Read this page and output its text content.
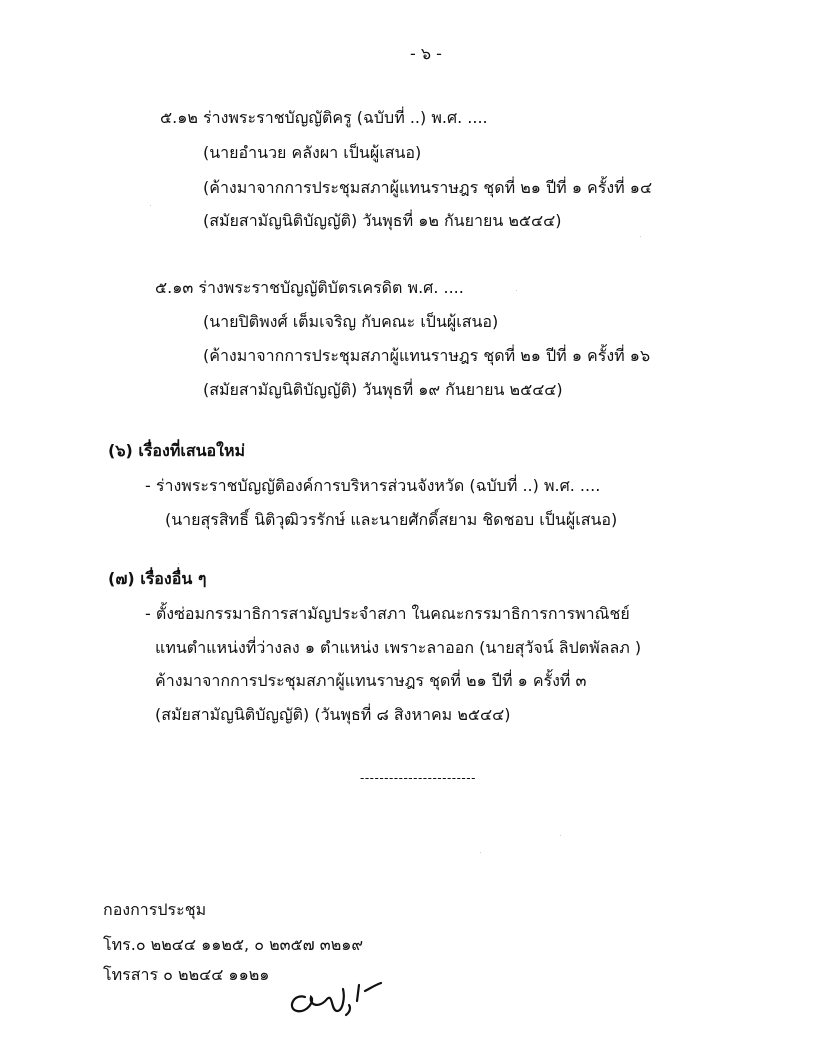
- ๖ -
๕.๑๒ ร่างพระราชบัญญัติครู (ฉบับที่ ..) พ.ศ. ....
(นายอำนวย คลังผา เป็นผู้เสนอ)
(ค้างมาจากการประชุมสภาผู้แทนราษฎร ชุดที่ ๒๑ ปีที่ ๑ ครั้งที่ ๑๔
(สมัยสามัญนิติบัญญัติ) วันพุธที่ ๑๒ กันยายน ๒๕๔๔)
๕.๑๓ ร่างพระราชบัญญัติบัตรเครดิต พ.ศ. ....
(นายปิติพงศ์ เต็มเจริญ กับคณะ เป็นผู้เสนอ)
(ค้างมาจากการประชุมสภาผู้แทนราษฎร ชุดที่ ๒๑ ปีที่ ๑ ครั้งที่ ๑๖
(สมัยสามัญนิติบัญญัติ) วันพุธที่ ๑๙ กันยายน ๒๕๔๔)
(๖) เรื่องที่เสนอใหม่
- ร่างพระราชบัญญัติองค์การบริหารส่วนจังหวัด (ฉบับที่ ..) พ.ศ. ....
(นายสุรสิทธิ์ นิติวุฒิวรรักษ์ และนายศักดิ์สยาม ชิดชอบ เป็นผู้เสนอ)
(๗) เรื่องอื่น ๆ
- ตั้งซ่อมกรรมาธิการสามัญประจำสภา ในคณะกรรมาธิการการพาณิชย์
แทนตำแหน่งที่ว่างลง ๑ ตำแหน่ง เพราะลาออก (นายสุวัจน์ ลิปตพัลลภ )
ค้างมาจากการประชุมสภาผู้แทนราษฎร ชุดที่ ๒๑ ปีที่ ๑ ครั้งที่ ๓
(สมัยสามัญนิติบัญญัติ) (วันพุธที่ ๘ สิงหาคม ๒๕๔๔)
------------------------
กองการประชุม
โทร.๐ ๒๒๔๔ ๑๑๒๕, ๐ ๒๓๕๗ ๓๒๑๙
โทรสาร ๐ ๒๒๔๔ ๑๑๒๑
